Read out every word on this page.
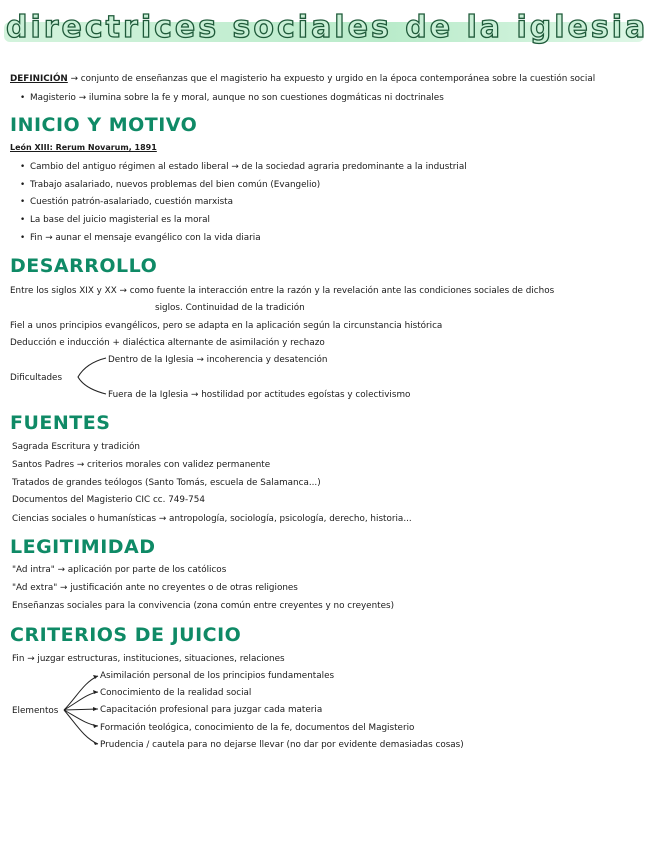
directrices sociales de la iglesia
DEFINICIÓN → conjunto de enseñanzas que el magisterio ha expuesto y urgido en la época contemporánea sobre la cuestión social
• Magisterio → ilumina sobre la fe y moral, aunque no son cuestiones dogmáticas ni doctrinales
INICIO Y MOTIVO
León XIII: Rerum Novarum, 1891
• Cambio del antiguo régimen al estado liberal → de la sociedad agraria predominante a la industrial
• Trabajo asalariado, nuevos problemas del bien común (Evangelio)
• Cuestión patrón-asalariado, cuestión marxista
• La base del juicio magisterial es la moral
• Fin → aunar el mensaje evangélico con la vida diaria
DESARROLLO
Entre los siglos XIX y XX → como fuente la interacción entre la razón y la revelación ante las condiciones sociales de dichos
siglos. Continuidad de la tradición
Fiel a unos principios evangélicos, pero se adapta en la aplicación según la circunstancia histórica
Deducción e inducción + dialéctica alternante de asimilación y rechazo
Dificultades
Dentro de la Iglesia → incoherencia y desatención
Fuera de la Iglesia → hostilidad por actitudes egoístas y colectivismo
FUENTES
Sagrada Escritura y tradición
Santos Padres → criterios morales con validez permanente
Tratados de grandes teólogos (Santo Tomás, escuela de Salamanca...)
Documentos del Magisterio CIC cc. 749-754
Ciencias sociales o humanísticas → antropología, sociología, psicología, derecho, historia...
LEGITIMIDAD
"Ad intra" → aplicación por parte de los católicos
"Ad extra" → justificación ante no creyentes o de otras religiones
Enseñanzas sociales para la convivencia (zona común entre creyentes y no creyentes)
CRITERIOS DE JUICIO
Fin → juzgar estructuras, instituciones, situaciones, relaciones
Elementos
Asimilación personal de los principios fundamentales
Conocimiento de la realidad social
Capacitación profesional para juzgar cada materia
Formación teológica, conocimiento de la fe, documentos del Magisterio
Prudencia / cautela para no dejarse llevar (no dar por evidente demasiadas cosas)
